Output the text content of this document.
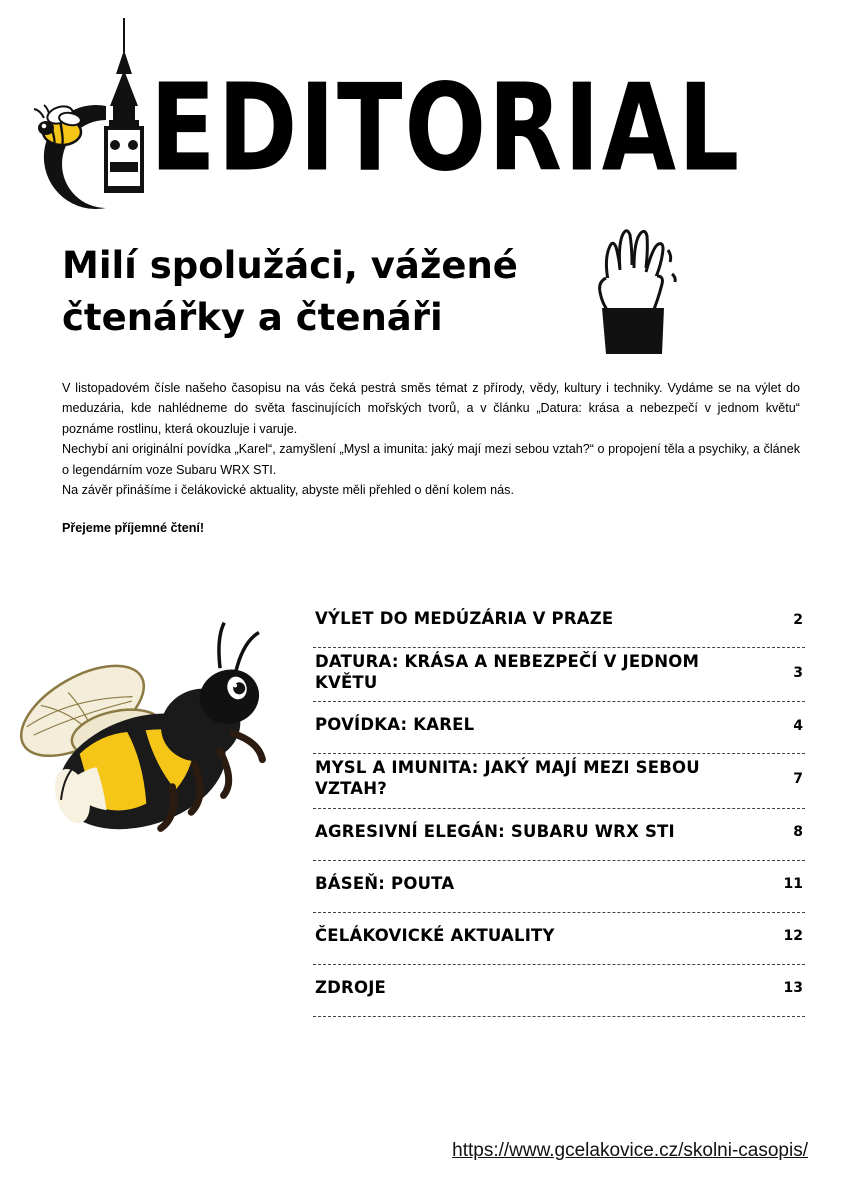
EDITORIAL
Milí spolužáci, vážené čtenářky a čtenáři

V listopadovém čísle našeho časopisu na vás čeká pestrá směs témat z přírody, vědy, kultury i techniky. Vydáme se na výlet do meduzária, kde nahlédneme do světa fascinujících mořských tvorů, a v článku „Datura: krása a nebezpečí v jednom květu“ poznáme rostlinu, která okouzluje i varuje.

Nechybí ani originální povídka „Karel“, zamyšlení „Mysl a imunita: jaký mají mezi sebou vztah?“ o propojení těla a psychiky, a článek o legendárním voze Subaru WRX STI.

Na závěr přinášíme i čelákovické aktuality, abyste měli přehled o dění kolem nás.

Přejeme příjemné čtení!

VÝLET DO MEDÚZÁRIA V PRAZE	2
DATURA: KRÁSA A NEBEZPEČÍ V JEDNOM KVĚTU	3
POVÍDKA: KAREL	4
MYSL A IMUNITA: JAKÝ MAJÍ MEZI SEBOU VZTAH?	7
AGRESIVNÍ ELEGÁN: SUBARU WRX STI	8
BÁSEŇ: POUTA	11
ČELÁKOVICKÉ AKTUALITY	12
ZDROJE	13
https://www.gcelakovice.cz/skolni-casopis/
